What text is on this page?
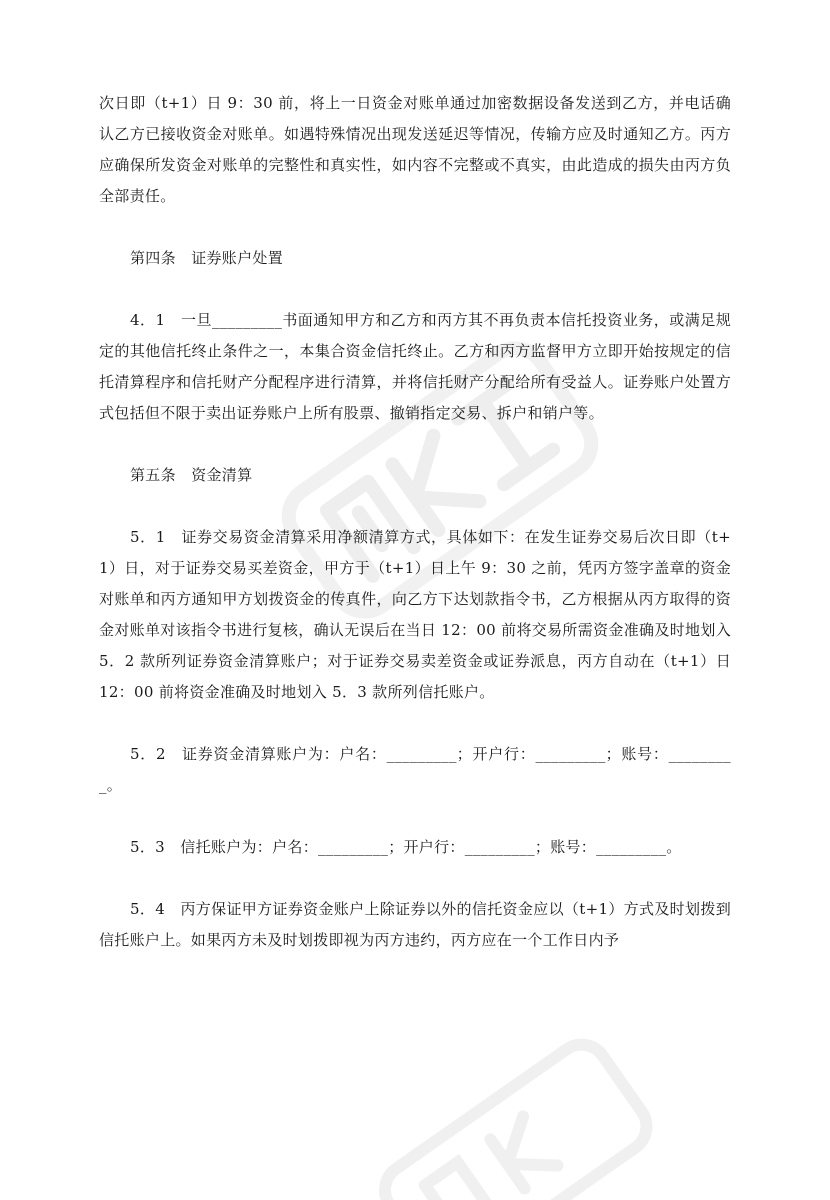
次日即（t+1）日 9：30 前，将上一日资金对账单通过加密数据设备发送到乙方，并电话确认乙方已接收资金对账单。如遇特殊情况出现发送延迟等情况，传输方应及时通知乙方。丙方应确保所发资金对账单的完整性和真实性，如内容不完整或不真实，由此造成的损失由丙方负全部责任。

第四条　证券账户处置

4．1　一旦_________书面通知甲方和乙方和丙方其不再负责本信托投资业务，或满足规定的其他信托终止条件之一，本集合资金信托终止。乙方和丙方监督甲方立即开始按规定的信托清算程序和信托财产分配程序进行清算，并将信托财产分配给所有受益人。证券账户处置方式包括但不限于卖出证券账户上所有股票、撤销指定交易、拆户和销户等。

第五条　资金清算

5．1　证券交易资金清算采用净额清算方式，具体如下：在发生证券交易后次日即（t+1）日，对于证券交易买差资金，甲方于（t+1）日上午 9：30 之前，凭丙方签字盖章的资金对账单和丙方通知甲方划拨资金的传真件，向乙方下达划款指令书，乙方根据从丙方取得的资金对账单对该指令书进行复核，确认无误后在当日 12：00 前将交易所需资金准确及时地划入 5．2 款所列证券资金清算账户；对于证券交易卖差资金或证券派息，丙方自动在（t+1）日 12：00 前将资金准确及时地划入 5．3 款所列信托账户。

5．2　证券资金清算账户为：户名：_________；开户行：_________；账号：_________。

5．3　信托账户为：户名：_________；开户行：_________；账号：_________。

5．4　丙方保证甲方证券资金账户上除证券以外的信托资金应以（t+1）方式及时划拨到信托账户上。如果丙方未及时划拨即视为丙方违约，丙方应在一个工作日内予
